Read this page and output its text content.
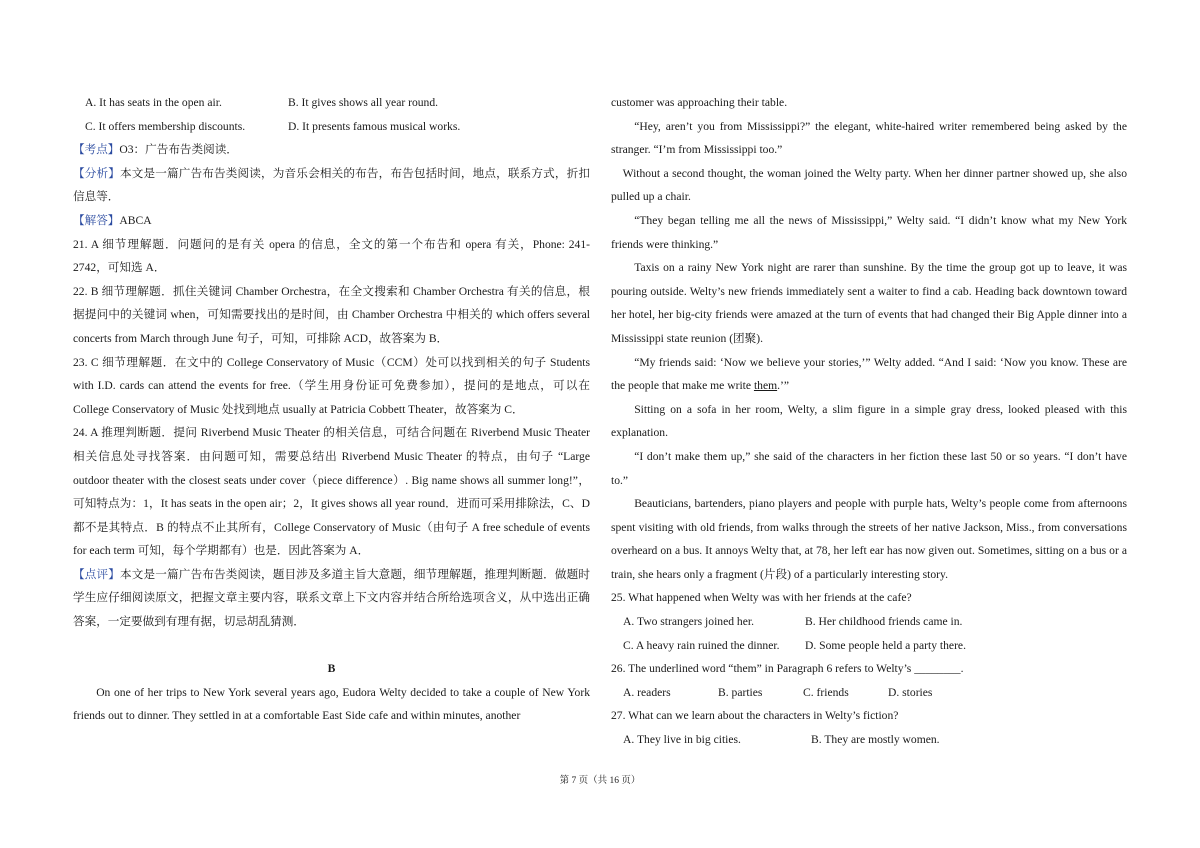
A. It has seats in the open air.	B. It gives shows all year round.
C. It offers membership discounts.	D. It presents famous musical works.

【考点】O3：广告布告类阅读．

【分析】本文是一篇广告布告类阅读，为音乐会相关的布告，布告包括时间，地点，联系方式，折扣信息等．

【解答】ABCA

21. A 细节理解题．问题问的是有关 opera 的信息，全文的第一个布告和 opera 有关，Phone: 241-2742，可知选 A．

22. B 细节理解题．抓住关键词 Chamber Orchestra，在全文搜索和 Chamber Orchestra 有关的信息，根据提问中的关键词 when，可知需要找出的是时间，由 Chamber Orchestra 中相关的 which offers several concerts from March through June 句子，可知，可排除 ACD，故答案为 B．

23. C 细节理解题．在文中的 College Conservatory of Music（CCM）处可以找到相关的句子 Students with I.D. cards can attend the events for free.（学生用身份证可免费参加），提问的是地点，可以在 College Conservatory of Music 处找到地点 usually at Patricia Cobbett Theater，故答案为 C．

24. A 推理判断题．提问 Riverbend Music Theater 的相关信息，可结合问题在 Riverbend Music Theater 相关信息处寻找答案．由问题可知，需要总结出 Riverbend Music Theater 的特点，由句子 “Large outdoor theater with the closest seats under cover（piece difference）. Big name shows all summer long!”，可知特点为：1，It has seats in the open air；2，It gives shows all year round．进而可采用排除法，C、D 都不是其特点．B 的特点不止其所有，College Conservatory of Music（由句子 A free schedule of events for each term 可知，每个学期都有）也是．因此答案为 A．

【点评】本文是一篇广告布告类阅读，题目涉及多道主旨大意题，细节理解题，推理判断题．做题时学生应仔细阅读原文，把握文章主要内容，联系文章上下文内容并结合所给选项含义，从中选出正确答案，一定要做到有理有据，切忌胡乱猜测．

B

On one of her trips to New York several years ago, Eudora Welty decided to take a couple of New York friends out to dinner. They settled in at a comfortable East Side cafe and within minutes, another

customer was approaching their table.

“Hey, aren’t you from Mississippi?” the elegant, white-haired writer remembered being asked by the stranger. “I’m from Mississippi too.”

Without a second thought, the woman joined the Welty party. When her dinner partner showed up, she also pulled up a chair.

“They began telling me all the news of Mississippi,” Welty said. “I didn’t know what my New York friends were thinking.”

Taxis on a rainy New York night are rarer than sunshine. By the time the group got up to leave, it was pouring outside. Welty’s new friends immediately sent a waiter to find a cab. Heading back downtown toward her hotel, her big-city friends were amazed at the turn of events that had changed their Big Apple dinner into a Mississippi state reunion (团聚).

“My friends said: ‘Now we believe your stories,’” Welty added. “And I said: ‘Now you know. These are the people that make me write them.’”

Sitting on a sofa in her room, Welty, a slim figure in a simple gray dress, looked pleased with this explanation.

“I don’t make them up,” she said of the characters in her fiction these last 50 or so years. “I don’t have to.”

Beauticians, bartenders, piano players and people with purple hats, Welty’s people come from afternoons spent visiting with old friends, from walks through the streets of her native Jackson, Miss., from conversations overheard on a bus. It annoys Welty that, at 78, her left ear has now given out. Sometimes, sitting on a bus or a train, she hears only a fragment (片段) of a particularly interesting story.

25. What happened when Welty was with her friends at the cafe?

A. Two strangers joined her.	B. Her childhood friends came in.
C. A heavy rain ruined the dinner.	D. Some people held a party there.

26. The underlined word “them” in Paragraph 6 refers to Welty’s ________.

A. readers	B. parties	C. friends	D. stories

27. What can we learn about the characters in Welty’s fiction?

A. They live in big cities.	B. They are mostly women.
第 7 页（共 16 页）
